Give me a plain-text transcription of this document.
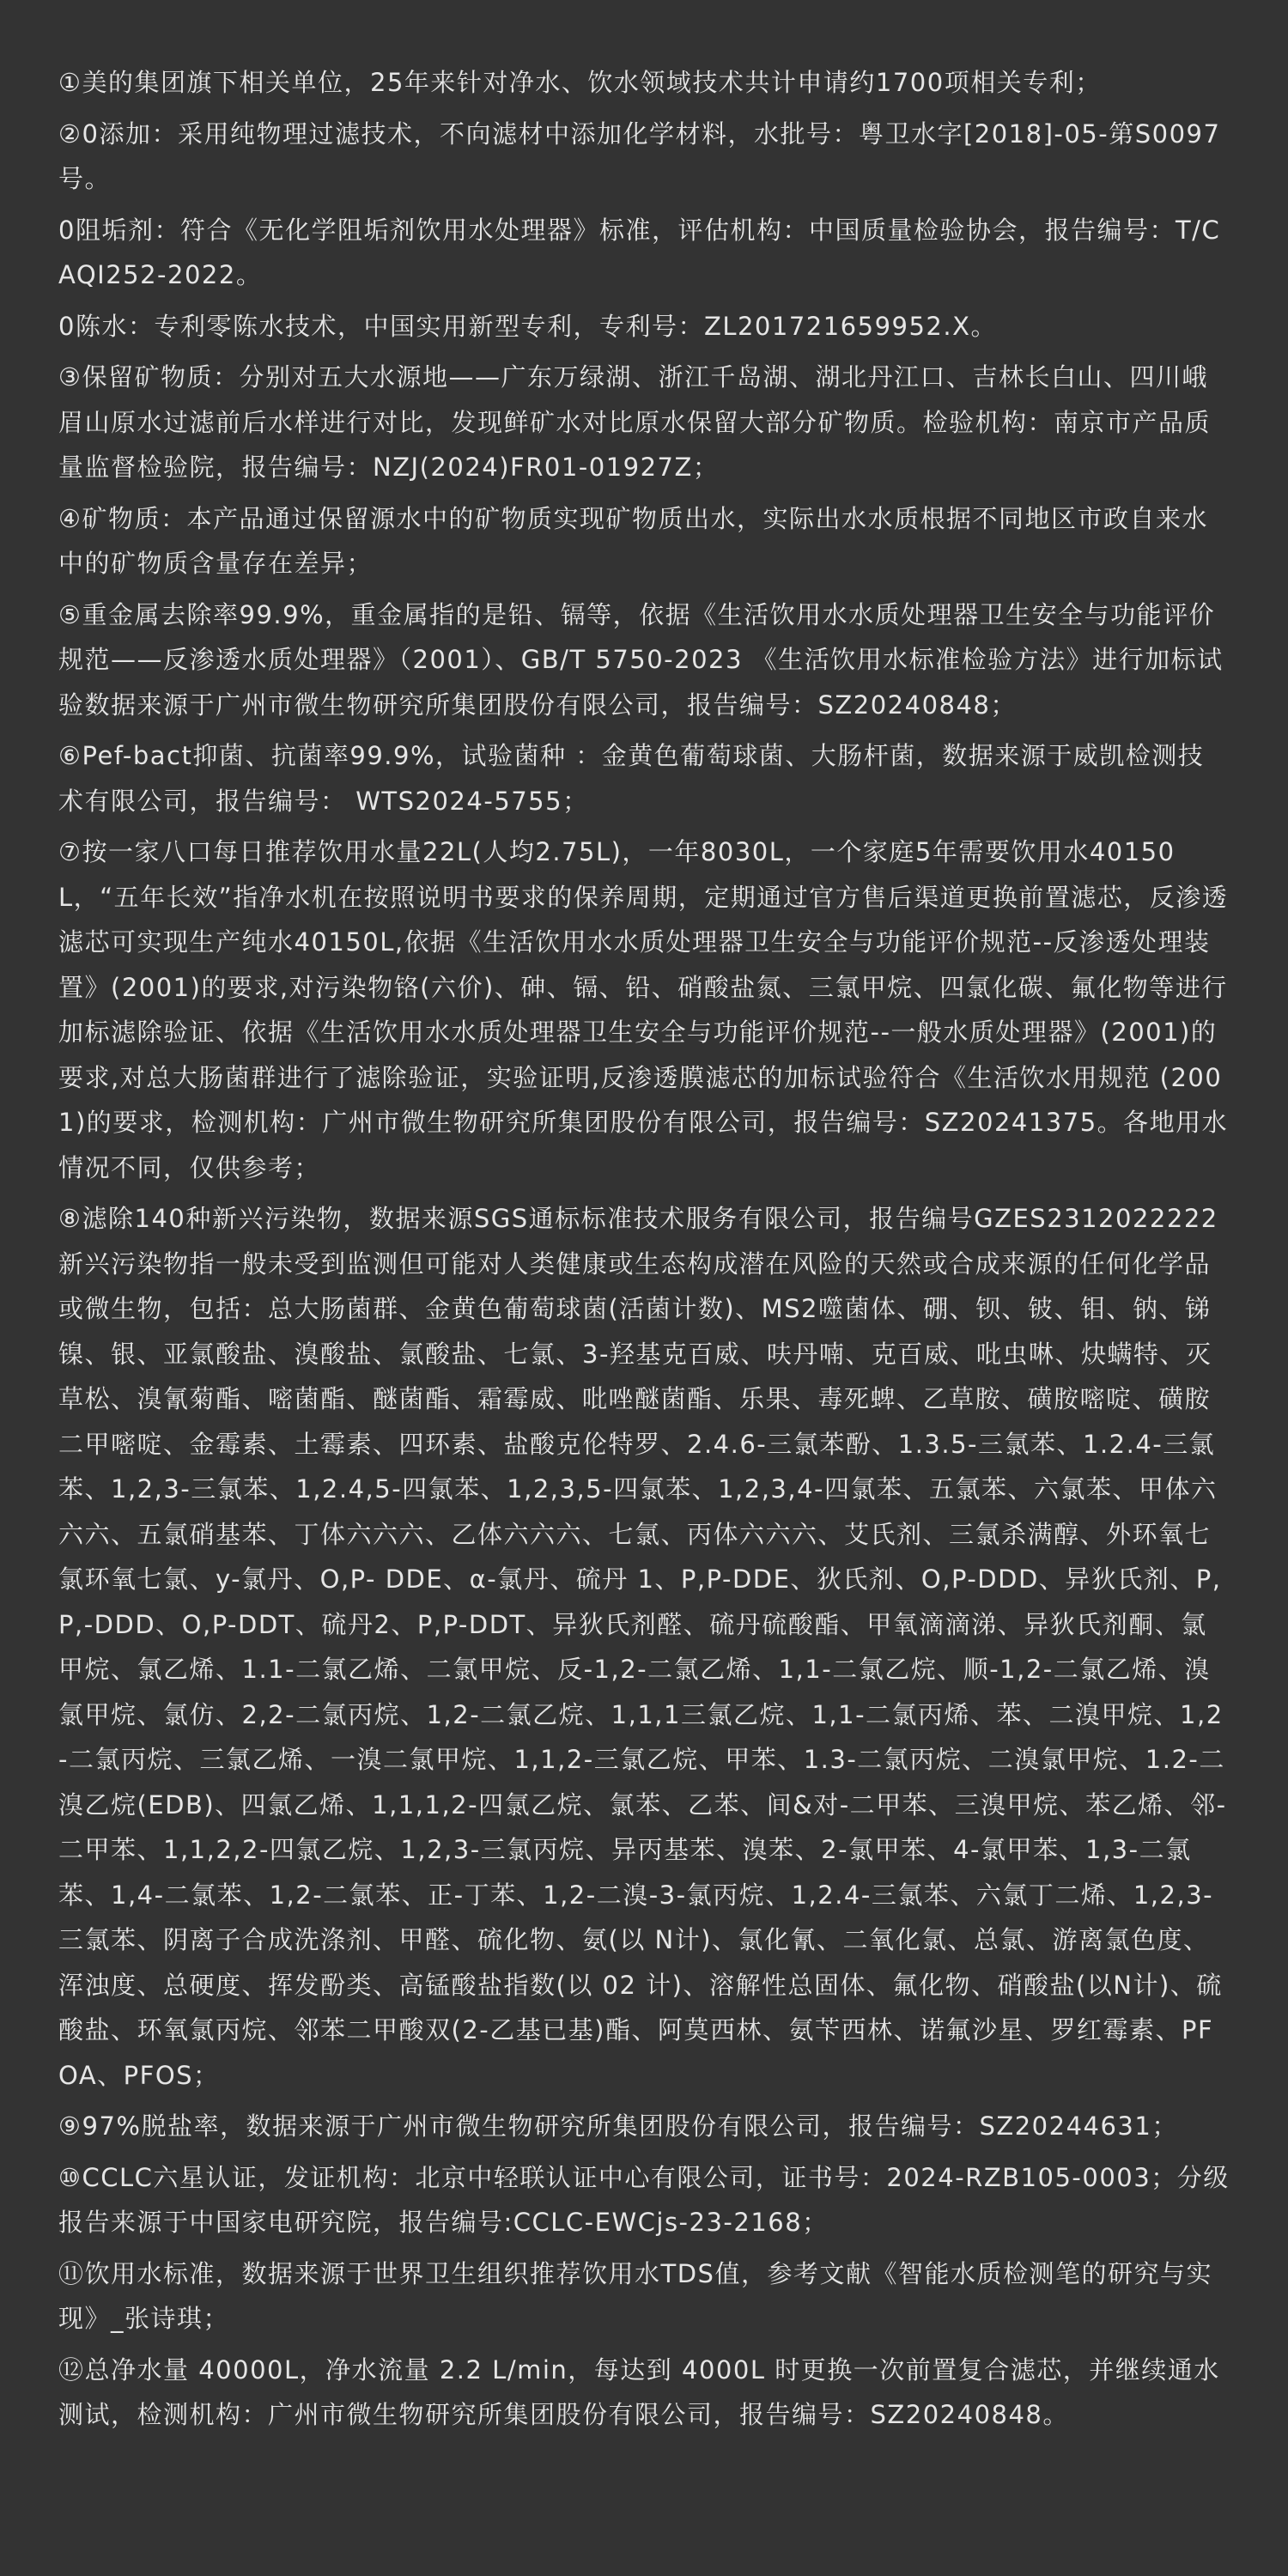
①美的集团旗下相关单位，25年来针对净水、饮水领域技术共计申请约1700项相关专利；

②0添加：采用纯物理过滤技术，不向滤材中添加化学材料，水批号：粤卫水字[2018]-05-第S0097号。

0阻垢剂：符合《无化学阻垢剂饮用水处理器》标准，评估机构：中国质量检验协会，报告编号：T/CAQI252-2022。

0陈水：专利零陈水技术，中国实用新型专利，专利号：ZL201721659952.X。

③保留矿物质：分别对五大水源地——广东万绿湖、浙江千岛湖、湖北丹江口、吉林长白山、四川峨眉山原水过滤前后水样进行对比，发现鲜矿水对比原水保留大部分矿物质。检验机构：南京市产品质量监督检验院，报告编号：NZJ(2024)FR01-01927Z；

④矿物质：本产品通过保留源水中的矿物质实现矿物质出水，实际出水水质根据不同地区市政自来水中的矿物质含量存在差异；

⑤重金属去除率99.9%，重金属指的是铅、镉等，依据《生活饮用水水质处理器卫生安全与功能评价规范——反渗透水质处理器》（2001）、GB/T 5750-2023 《生活饮用水标准检验方法》进行加标试验数据来源于广州市微生物研究所集团股份有限公司，报告编号：SZ20240848；

⑥Pef-bact抑菌、抗菌率99.9%，试验菌种 ：金黄色葡萄球菌、大肠杆菌，数据来源于威凯检测技术有限公司，报告编号： WTS2024-5755；

⑦按一家八口每日推荐饮用水量22L(人均2.75L)，一年8030L，一个家庭5年需要饮用水40150L，“五年长效”指净水机在按照说明书要求的保养周期，定期通过官方售后渠道更换前置滤芯，反渗透滤芯可实现生产纯水40150L,依据《生活饮用水水质处理器卫生安全与功能评价规范--反渗透处理装置》(2001)的要求,对污染物铬(六价)、砷、镉、铅、硝酸盐氮、三氯甲烷、四氯化碳、氟化物等进行加标滤除验证、依据《生活饮用水水质处理器卫生安全与功能评价规范--一般水质处理器》(2001)的要求,对总大肠菌群进行了滤除验证，实验证明,反渗透膜滤芯的加标试验符合《生活饮水用规范 (2001)的要求，检测机构：广州市微生物研究所集团股份有限公司，报告编号：SZ20241375。各地用水情况不同，仅供参考；

⑧滤除140种新兴污染物，数据来源SGS通标标准技术服务有限公司，报告编号GZES2312022222新兴污染物指一般未受到监测但可能对人类健康或生态构成潜在风险的天然或合成来源的任何化学品或微生物，包括：总大肠菌群、金黄色葡萄球菌(活菌计数)、MS2噬菌体、硼、钡、铍、钼、钠、锑镍、银、亚氯酸盐、溴酸盐、氯酸盐、七氯、3-羟基克百威、呋丹喃、克百威、吡虫啉、炔螨特、灭草松、溴氰菊酯、嘧菌酯、醚菌酯、霜霉威、吡唑醚菌酯、乐果、毒死蜱、乙草胺、磺胺嘧啶、磺胺二甲嘧啶、金霉素、土霉素、四环素、盐酸克伦特罗、2.4.6-三氯苯酚、1.3.5-三氯苯、1.2.4-三氯苯、1,2,3-三氯苯、1,2.4,5-四氯苯、1,2,3,5-四氯苯、1,2,3,4-四氯苯、五氯苯、六氯苯、甲体六六六、五氯硝基苯、丁体六六六、乙体六六六、七氯、丙体六六六、艾氏剂、三氯杀满醇、外环氧七氯环氧七氯、y-氯丹、O,P- DDE、α-氯丹、硫丹 1、P,P-DDE、狄氏剂、O,P-DDD、异狄氏剂、P,P,-DDD、O,P-DDT、硫丹2、P,P-DDT、异狄氏剂醛、硫丹硫酸酯、甲氧滴滴涕、异狄氏剂酮、氯甲烷、氯乙烯、1.1-二氯乙烯、二氯甲烷、反-1,2-二氯乙烯、1,1-二氯乙烷、顺-1,2-二氯乙烯、溴氯甲烷、氯仿、2,2-二氯丙烷、1,2-二氯乙烷、1,1,1三氯乙烷、1,1-二氯丙烯、苯、二溴甲烷、1,2-二氯丙烷、三氯乙烯、一溴二氯甲烷、1,1,2-三氯乙烷、甲苯、1.3-二氯丙烷、二溴氯甲烷、1.2-二溴乙烷(EDB)、四氯乙烯、1,1,1,2-四氯乙烷、氯苯、乙苯、间&对-二甲苯、三溴甲烷、苯乙烯、邻-二甲苯、1,1,2,2-四氯乙烷、1,2,3-三氯丙烷、异丙基苯、溴苯、2-氯甲苯、4-氯甲苯、1,3-二氯苯、1,4-二氯苯、1,2-二氯苯、正-丁苯、1,2-二溴-3-氯丙烷、1,2.4-三氯苯、六氯丁二烯、1,2,3-三氯苯、阴离子合成洗涤剂、甲醛、硫化物、氨(以 N计)、氯化氰、二氧化氯、总氯、游离氯色度、浑浊度、总硬度、挥发酚类、高锰酸盐指数(以 02 计)、溶解性总固体、氟化物、硝酸盐(以N计)、硫酸盐、环氧氯丙烷、邻苯二甲酸双(2-乙基已基)酯、阿莫西林、氨苄西林、诺氟沙星、罗红霉素、PFOA、PFOS；

⑨97%脱盐率，数据来源于广州市微生物研究所集团股份有限公司，报告编号：SZ20244631；

⑩CCLC六星认证，发证机构：北京中轻联认证中心有限公司，证书号：2024-RZB105-0003；分级报告来源于中国家电研究院，报告编号:CCLC-EWCjs-23-2168；

⑪饮用水标准，数据来源于世界卫生组织推荐饮用水TDS值，参考文献《智能水质检测笔的研究与实现》_张诗琪；

⑫总净水量 40000L，净水流量 2.2 L/min，每达到 4000L 时更换一次前置复合滤芯，并继续通水测试，检测机构：广州市微生物研究所集团股份有限公司，报告编号：SZ20240848。
